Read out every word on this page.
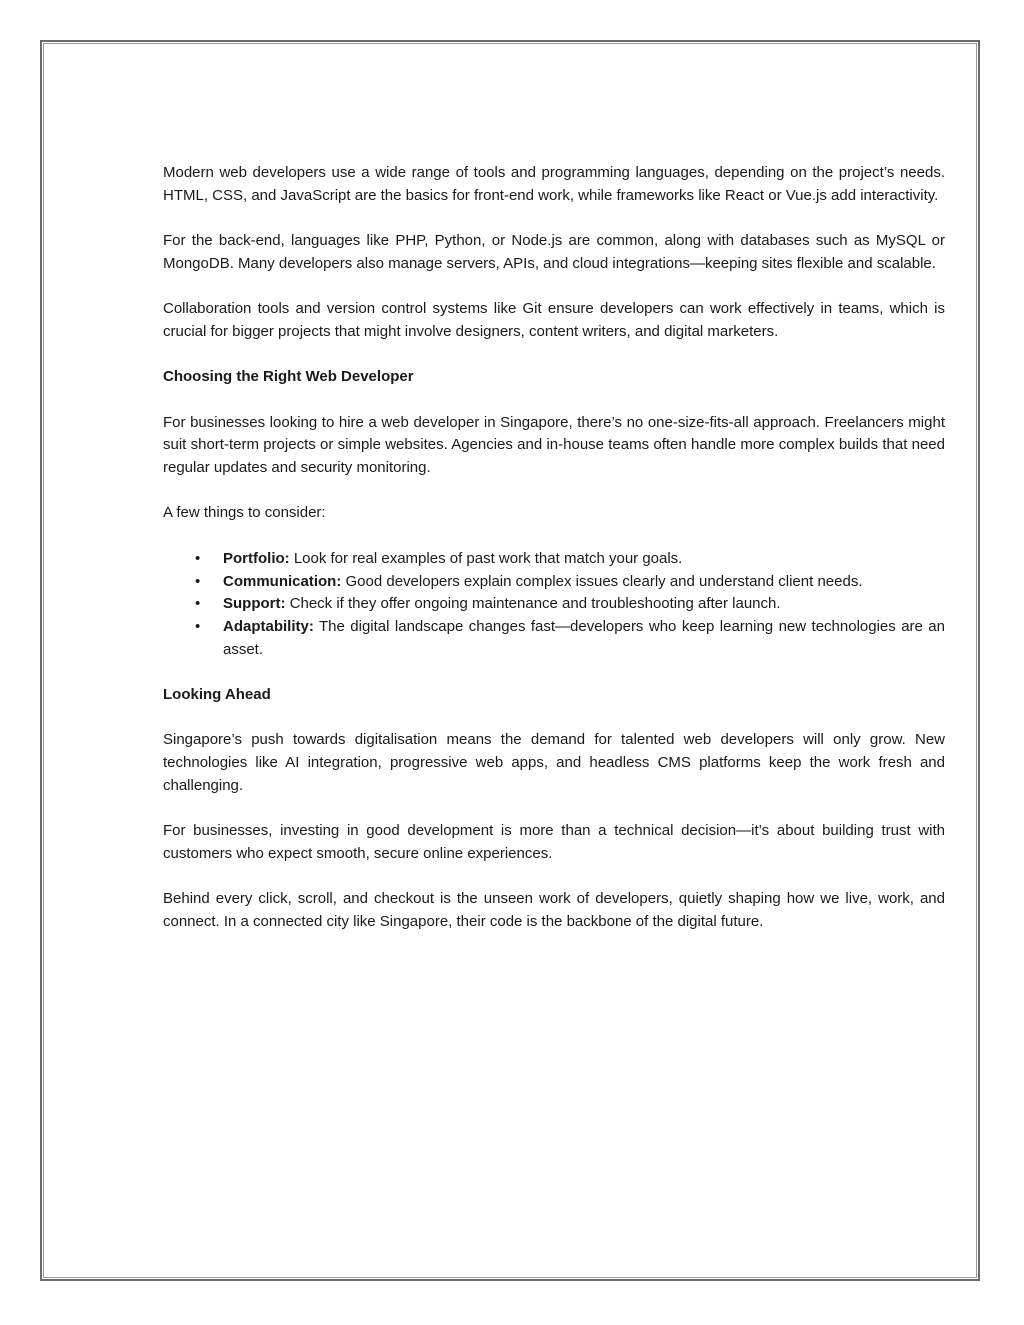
Modern web developers use a wide range of tools and programming languages, depending on the project’s needs. HTML, CSS, and JavaScript are the basics for front-end work, while frameworks like React or Vue.js add interactivity.

For the back-end, languages like PHP, Python, or Node.js are common, along with databases such as MySQL or MongoDB. Many developers also manage servers, APIs, and cloud integrations—keeping sites flexible and scalable.

Collaboration tools and version control systems like Git ensure developers can work effectively in teams, which is crucial for bigger projects that might involve designers, content writers, and digital marketers.

Choosing the Right Web Developer

For businesses looking to hire a web developer in Singapore, there’s no one-size-fits-all approach. Freelancers might suit short-term projects or simple websites. Agencies and in-house teams often handle more complex builds that need regular updates and security monitoring.

A few things to consider:

• Portfolio: Look for real examples of past work that match your goals.
• Communication: Good developers explain complex issues clearly and understand client needs.
• Support: Check if they offer ongoing maintenance and troubleshooting after launch.
• Adaptability: The digital landscape changes fast—developers who keep learning new technologies are an asset.

Looking Ahead

Singapore’s push towards digitalisation means the demand for talented web developers will only grow. New technologies like AI integration, progressive web apps, and headless CMS platforms keep the work fresh and challenging.

For businesses, investing in good development is more than a technical decision—it’s about building trust with customers who expect smooth, secure online experiences.

Behind every click, scroll, and checkout is the unseen work of developers, quietly shaping how we live, work, and connect. In a connected city like Singapore, their code is the backbone of the digital future.
